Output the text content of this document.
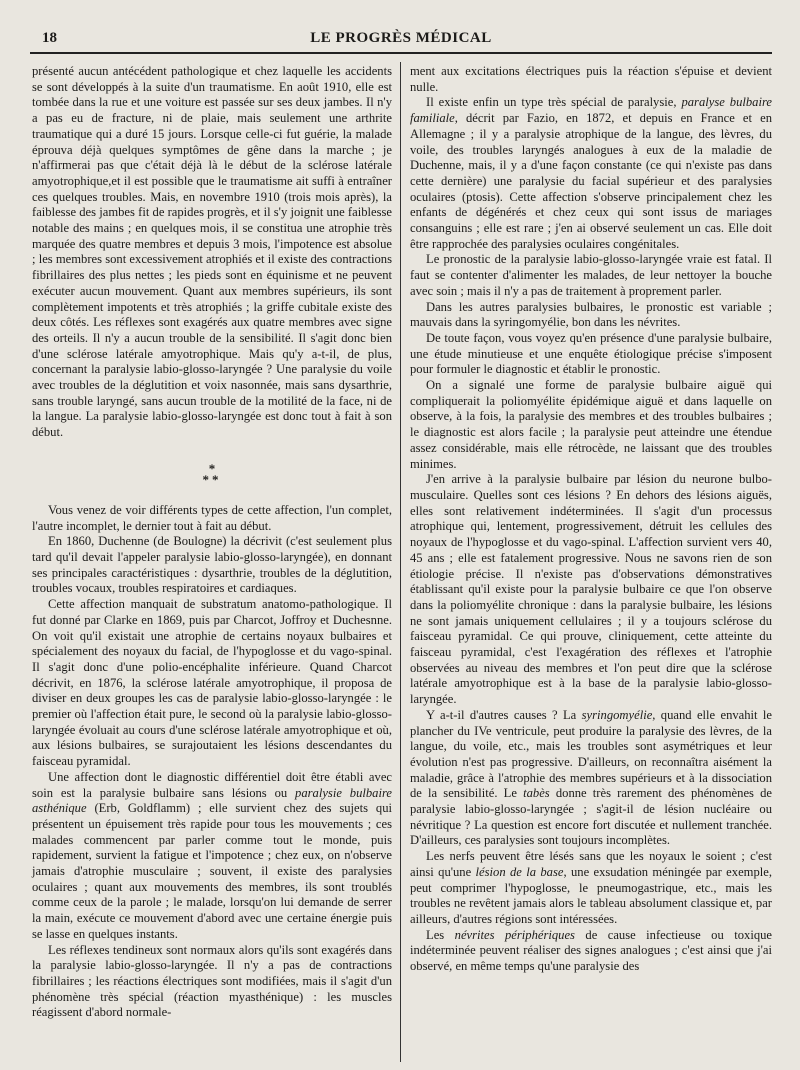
18	LE PROGRÈS MÉDICAL

présenté aucun antécédent pathologique et chez laquelle les accidents se sont développés à la suite d'un traumatisme. En août 1910, elle est tombée dans la rue et une voiture est passée sur ses deux jambes. Il n'y a pas eu de fracture, ni de plaie, mais seulement une arthrite traumatique qui a duré 15 jours. Lorsque celle-ci fut guérie, la malade éprouva déjà quelques symptômes de gêne dans la marche ; je n'affirmerai pas que c'était déjà là le début de la sclérose latérale amyotrophique,et il est possible que le traumatisme ait suffi à entraîner ces quelques troubles. Mais, en novembre 1910 (trois mois après), la faiblesse des jambes fit de rapides progrès, et il s'y joignit une faiblesse notable des mains ; en quelques mois, il se constitua une atrophie très marquée des quatre membres et depuis 3 mois, l'impotence est absolue ; les membres sont excessivement atrophiés et il existe des contractions fibrillaires des plus nettes ; les pieds sont en équinisme et ne peuvent exécuter aucun mouvement. Quant aux membres supérieurs, ils sont complètement impotents et très atrophiés ; la griffe cubitale existe des deux côtés. Les réflexes sont exagérés aux quatre membres avec signe des orteils. Il n'y a aucun trouble de la sensibilité. Il s'agit donc bien d'une sclérose latérale amyotrophique. Mais qu'y a-t-il, de plus, concernant la paralysie labio-glosso-laryngée ? Une paralysie du voile avec troubles de la déglutition et voix nasonnée, mais sans dysarthrie, sans trouble laryngé, sans aucun trouble de la motilité de la face, ni de la langue. La paralysie labio-glosso-laryngée est donc tout à fait à son début.

*
**

Vous venez de voir différents types de cette affection, l'un complet, l'autre incomplet, le dernier tout à fait au début.

En 1860, Duchenne (de Boulogne) la décrivit (c'est seulement plus tard qu'il devait l'appeler paralysie labio-glosso-laryngée), en donnant ses principales caractéristiques : dysarthrie, troubles de la déglutition, troubles vocaux, troubles respiratoires et cardiaques.

Cette affection manquait de substratum anatomo-pathologique. Il fut donné par Clarke en 1869, puis par Charcot, Joffroy et Duchesnne. On voit qu'il existait une atrophie de certains noyaux bulbaires et spécialement des noyaux du facial, de l'hypoglosse et du vago-spinal. Il s'agit donc d'une polio-encéphalite inférieure. Quand Charcot décrivit, en 1876, la sclérose latérale amyotrophique, il proposa de diviser en deux groupes les cas de paralysie labio-glosso-laryngée : le premier où l'affection était pure, le second où la paralysie labio-glosso-laryngée évoluait au cours d'une sclérose latérale amyotrophique et où, aux lésions bulbaires, se surajoutaient les lésions descendantes du faisceau pyramidal.

Une affection dont le diagnostic différentiel doit être établi avec soin est la paralysie bulbaire sans lésions ou paralysie bulbaire asthénique (Erb, Goldflamm) ; elle survient chez des sujets qui présentent un épuisement très rapide pour tous les mouvements ; ces malades commencent par parler comme tout le monde, puis rapidement, survient la fatigue et l'impotence ; chez eux, on n'observe jamais d'atrophie musculaire ; souvent, il existe des paralysies oculaires ; quant aux mouvements des membres, ils sont troublés comme ceux de la parole ; le malade, lorsqu'on lui demande de serrer la main, exécute ce mouvement d'abord avec une certaine énergie puis se lasse en quelques instants.

Les réflexes tendineux sont normaux alors qu'ils sont exagérés dans la paralysie labio-glosso-laryngée. Il n'y a pas de contractions fibrillaires ; les réactions électriques sont modifiées, mais il s'agit d'un phénomène très spécial (réaction myasthénique) : les muscles réagissent d'abord normale-

ment aux excitations électriques puis la réaction s'épuise et devient nulle.

Il existe enfin un type très spécial de paralysie, paralyse bulbaire familiale, décrit par Fazio, en 1872, et depuis en France et en Allemagne ; il y a paralysie atrophique de la langue, des lèvres, du voile, des troubles laryngés analogues à eux de la maladie de Duchenne, mais, il y a d'une façon constante (ce qui n'existe pas dans cette dernière) une paralysie du facial supérieur et des paralysies oculaires (ptosis). Cette affection s'observe principalement chez les enfants de dégénérés et chez ceux qui sont issus de mariages consanguins ; elle est rare ; j'en ai observé seulement un cas. Elle doit être rapprochée des paralysies oculaires congénitales.

Le pronostic de la paralysie labio-glosso-laryngée vraie est fatal. Il faut se contenter d'alimenter les malades, de leur nettoyer la bouche avec soin ; mais il n'y a pas de traitement à proprement parler.

Dans les autres paralysies bulbaires, le pronostic est variable ; mauvais dans la syringomyélie, bon dans les névrites.

De toute façon, vous voyez qu'en présence d'une paralysie bulbaire, une étude minutieuse et une enquête étiologique précise s'imposent pour formuler le diagnostic et établir le pronostic.

On a signalé une forme de paralysie bulbaire aiguë qui compliquerait la poliomyélite épidémique aiguë et dans laquelle on observe, à la fois, la paralysie des membres et des troubles bulbaires ; le diagnostic est alors facile ; la paralysie peut atteindre une étendue assez considérable, mais elle rétrocède, ne laissant que des troubles minimes.

J'en arrive à la paralysie bulbaire par lésion du neurone bulbo-musculaire. Quelles sont ces lésions ? En dehors des lésions aiguës, elles sont relativement indéterminées. Il s'agit d'un processus atrophique qui, lentement, progressivement, détruit les cellules des noyaux de l'hypoglosse et du vago-spinal. L'affection survient vers 40, 45 ans ; elle est fatalement progressive. Nous ne savons rien de son étiologie précise. Il n'existe pas d'observations démonstratives établissant qu'il existe pour la paralysie bulbaire ce que l'on observe dans la poliomyélite chronique : dans la paralysie bulbaire, les lésions ne sont jamais uniquement cellulaires ; il y a toujours sclérose du faisceau pyramidal. Ce qui prouve, cliniquement, cette atteinte du faisceau pyramidal, c'est l'exagération des réflexes et l'atrophie observées au niveau des membres et l'on peut dire que la sclérose latérale amyotrophique est à la base de la paralysie labio-glosso-laryngée.

Y a-t-il d'autres causes ? La syringomyélie, quand elle envahit le plancher du IVe ventricule, peut produire la paralysie des lèvres, de la langue, du voile, etc., mais les troubles sont asymétriques et leur évolution n'est pas progressive. D'ailleurs, on reconnaîtra aisément la maladie, grâce à l'atrophie des membres supérieurs et à la dissociation de la sensibilité. Le tabès donne très rarement des phénomènes de paralysie labio-glosso-laryngée ; s'agit-il de lésion nucléaire ou névritique ? La question est encore fort discutée et nullement tranchée. D'ailleurs, ces paralysies sont toujours incomplètes.

Les nerfs peuvent être lésés sans que les noyaux le soient ; c'est ainsi qu'une lésion de la base, une exsudation méningée par exemple, peut comprimer l'hypoglosse, le pneumogastrique, etc., mais les troubles ne revêtent jamais alors le tableau absolument classique et, par ailleurs, d'autres régions sont intéressées.

Les névrites périphériques de cause infectieuse ou toxique indéterminée peuvent réaliser des signes analogues ; c'est ainsi que j'ai observé, en même temps qu'une paralysie des
